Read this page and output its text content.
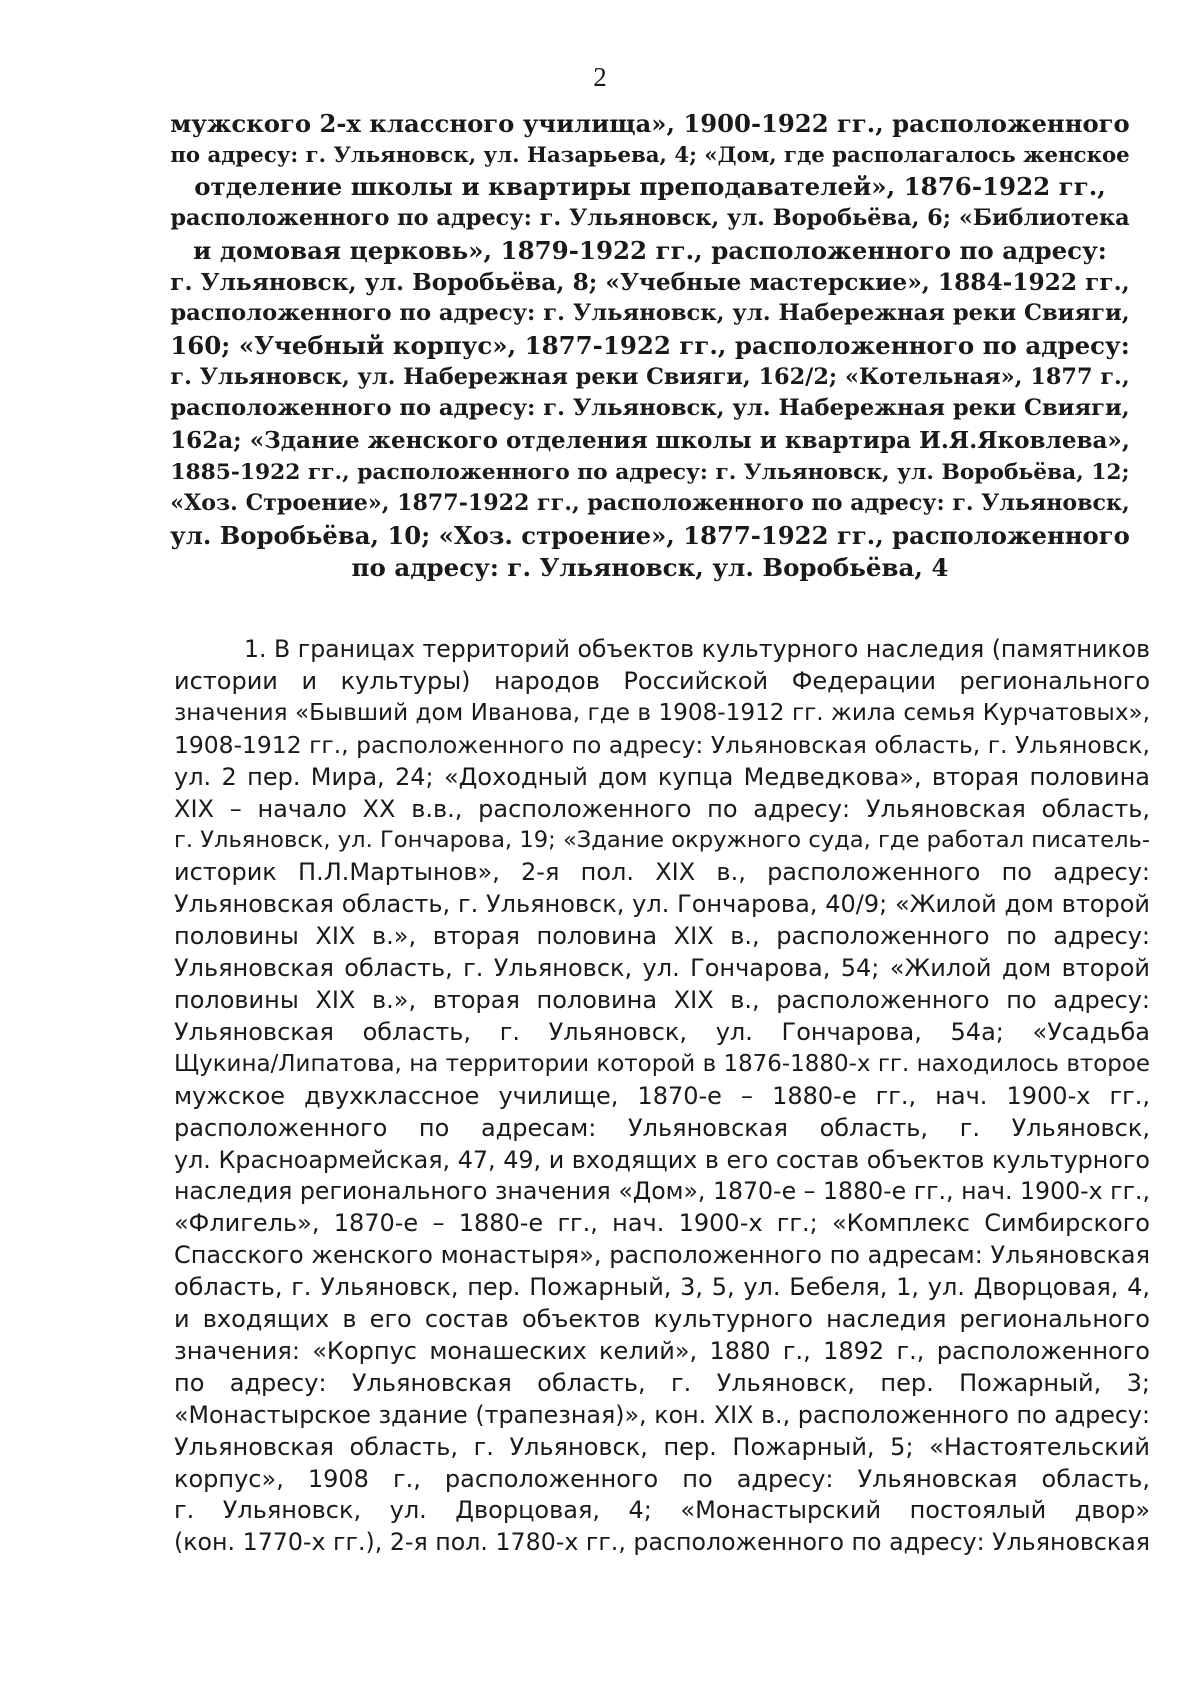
2
мужского 2-х классного училища», 1900-1922 гг., расположенного
по адресу: г. Ульяновск, ул. Назарьева, 4; «Дом, где располагалось женское
отделение школы и квартиры преподавателей», 1876-1922 гг.,
расположенного по адресу: г. Ульяновск, ул. Воробьёва, 6; «Библиотека
и домовая церковь», 1879-1922 гг., расположенного по адресу:
г. Ульяновск, ул. Воробьёва, 8; «Учебные мастерские», 1884-1922 гг.,
расположенного по адресу: г. Ульяновск, ул. Набережная реки Свияги,
160; «Учебный корпус», 1877-1922 гг., расположенного по адресу:
г. Ульяновск, ул. Набережная реки Свияги, 162/2; «Котельная», 1877 г.,
расположенного по адресу: г. Ульяновск, ул. Набережная реки Свияги,
162а; «Здание женского отделения школы и квартира И.Я.Яковлева»,
1885-1922 гг., расположенного по адресу: г. Ульяновск, ул. Воробьёва, 12;
«Хоз. Строение», 1877-1922 гг., расположенного по адресу: г. Ульяновск,
ул. Воробьёва, 10; «Хоз. строение», 1877-1922 гг., расположенного
по адресу: г. Ульяновск, ул. Воробьёва, 4
1. В границах территорий объектов культурного наследия (памятников
истории и культуры) народов Российской Федерации регионального
значения «Бывший дом Иванова, где в 1908-1912 гг. жила семья Курчатовых»,
1908-1912 гг., расположенного по адресу: Ульяновская область, г. Ульяновск,
ул. 2 пер. Мира, 24; «Доходный дом купца Медведкова», вторая половина
XIX – начало XX в.в., расположенного по адресу: Ульяновская область,
г. Ульяновск, ул. Гончарова, 19; «Здание окружного суда, где работал писатель-
историк П.Л.Мартынов», 2-я пол. XIX в., расположенного по адресу:
Ульяновская область, г. Ульяновск, ул. Гончарова, 40/9; «Жилой дом второй
половины XIX в.», вторая половина XIX в., расположенного по адресу:
Ульяновская область, г. Ульяновск, ул. Гончарова, 54; «Жилой дом второй
половины XIX в.», вторая половина XIX в., расположенного по адресу:
Ульяновская область, г. Ульяновск, ул. Гончарова, 54а; «Усадьба
Щукина/Липатова, на территории которой в 1876-1880-х гг. находилось второе
мужское двухклассное училище, 1870-е – 1880-е гг., нач. 1900-х гг.,
расположенного по адресам: Ульяновская область, г. Ульяновск,
ул. Красноармейская, 47, 49, и входящих в его состав объектов культурного
наследия регионального значения «Дом», 1870-е – 1880-е гг., нач. 1900-х гг.,
«Флигель», 1870-е – 1880-е гг., нач. 1900-х гг.; «Комплекс Симбирского
Спасского женского монастыря», расположенного по адресам: Ульяновская
область, г. Ульяновск, пер. Пожарный, 3, 5, ул. Бебеля, 1, ул. Дворцовая, 4,
и входящих в его состав объектов культурного наследия регионального
значения: «Корпус монашеских келий», 1880 г., 1892 г., расположенного
по адресу: Ульяновская область, г. Ульяновск, пер. Пожарный, 3;
«Монастырское здание (трапезная)», кон. XIX в., расположенного по адресу:
Ульяновская область, г. Ульяновск, пер. Пожарный, 5; «Настоятельский
корпус», 1908 г., расположенного по адресу: Ульяновская область,
г. Ульяновск, ул. Дворцовая, 4; «Монастырский постоялый двор»
(кон. 1770-х гг.), 2-я пол. 1780-х гг., расположенного по адресу: Ульяновская
